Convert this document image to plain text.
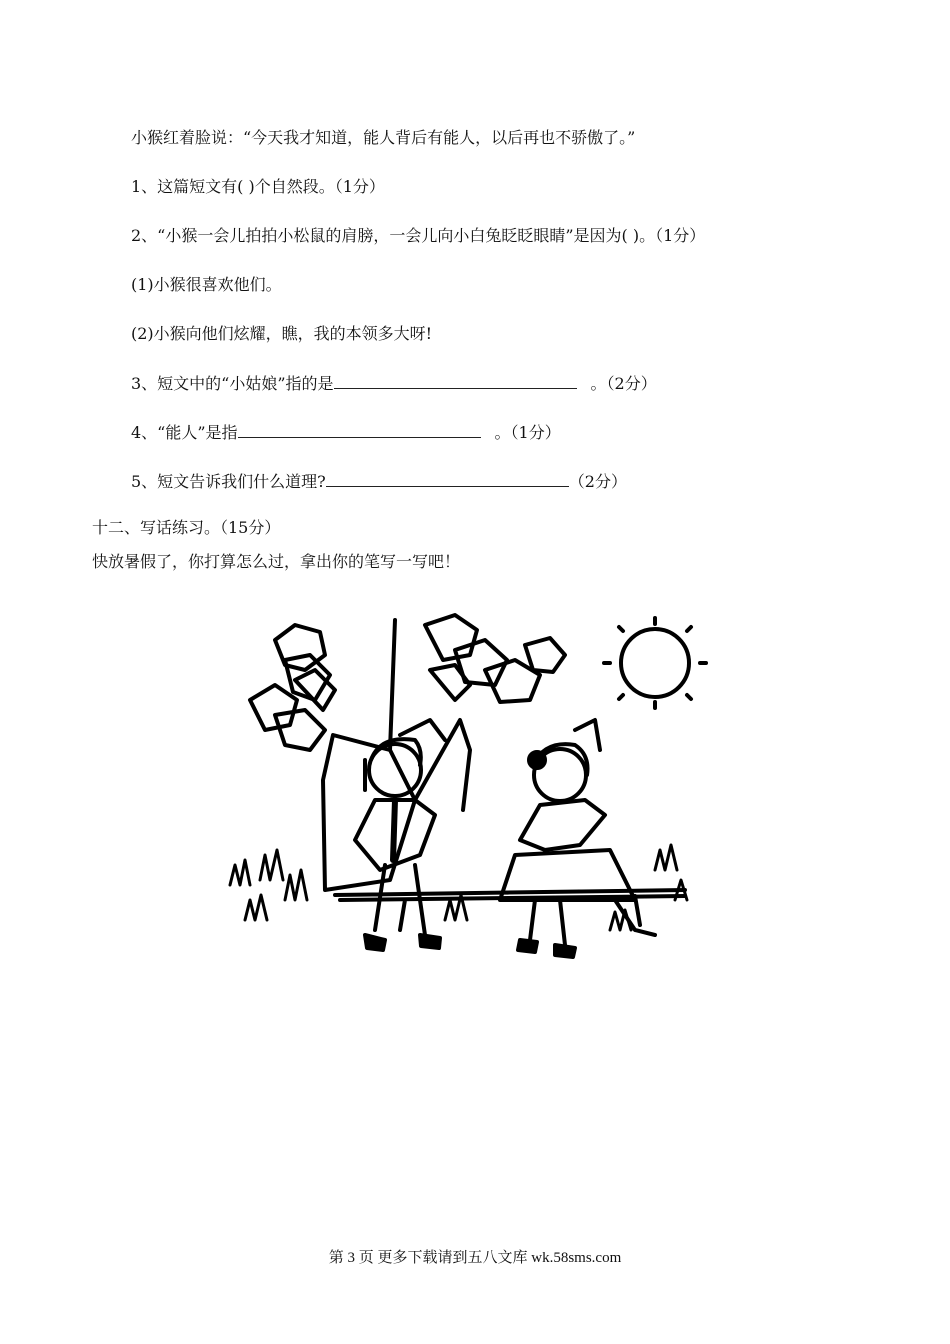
小猴红着脸说：“今天我才知道，能人背后有能人，以后再也不骄傲了。”
1、这篇短文有( )个自然段。（1分）
2、“小猴一会儿拍拍小松鼠的肩膀，一会儿向小白兔眨眨眼睛”是因为( )。（1分）
(1)小猴很喜欢他们。
(2)小猴向他们炫耀，瞧，我的本领多大呀!
3、短文中的“小姑娘”指的是	。（2分）
4、“能人”是指	。（1分）
5、短文告诉我们什么道理?	（2分）
十二、写话练习。（15分）
快放暑假了，你打算怎么过，拿出你的笔写一写吧！
第 3 页 更多下载请到五八文库 wk.58sms.com
